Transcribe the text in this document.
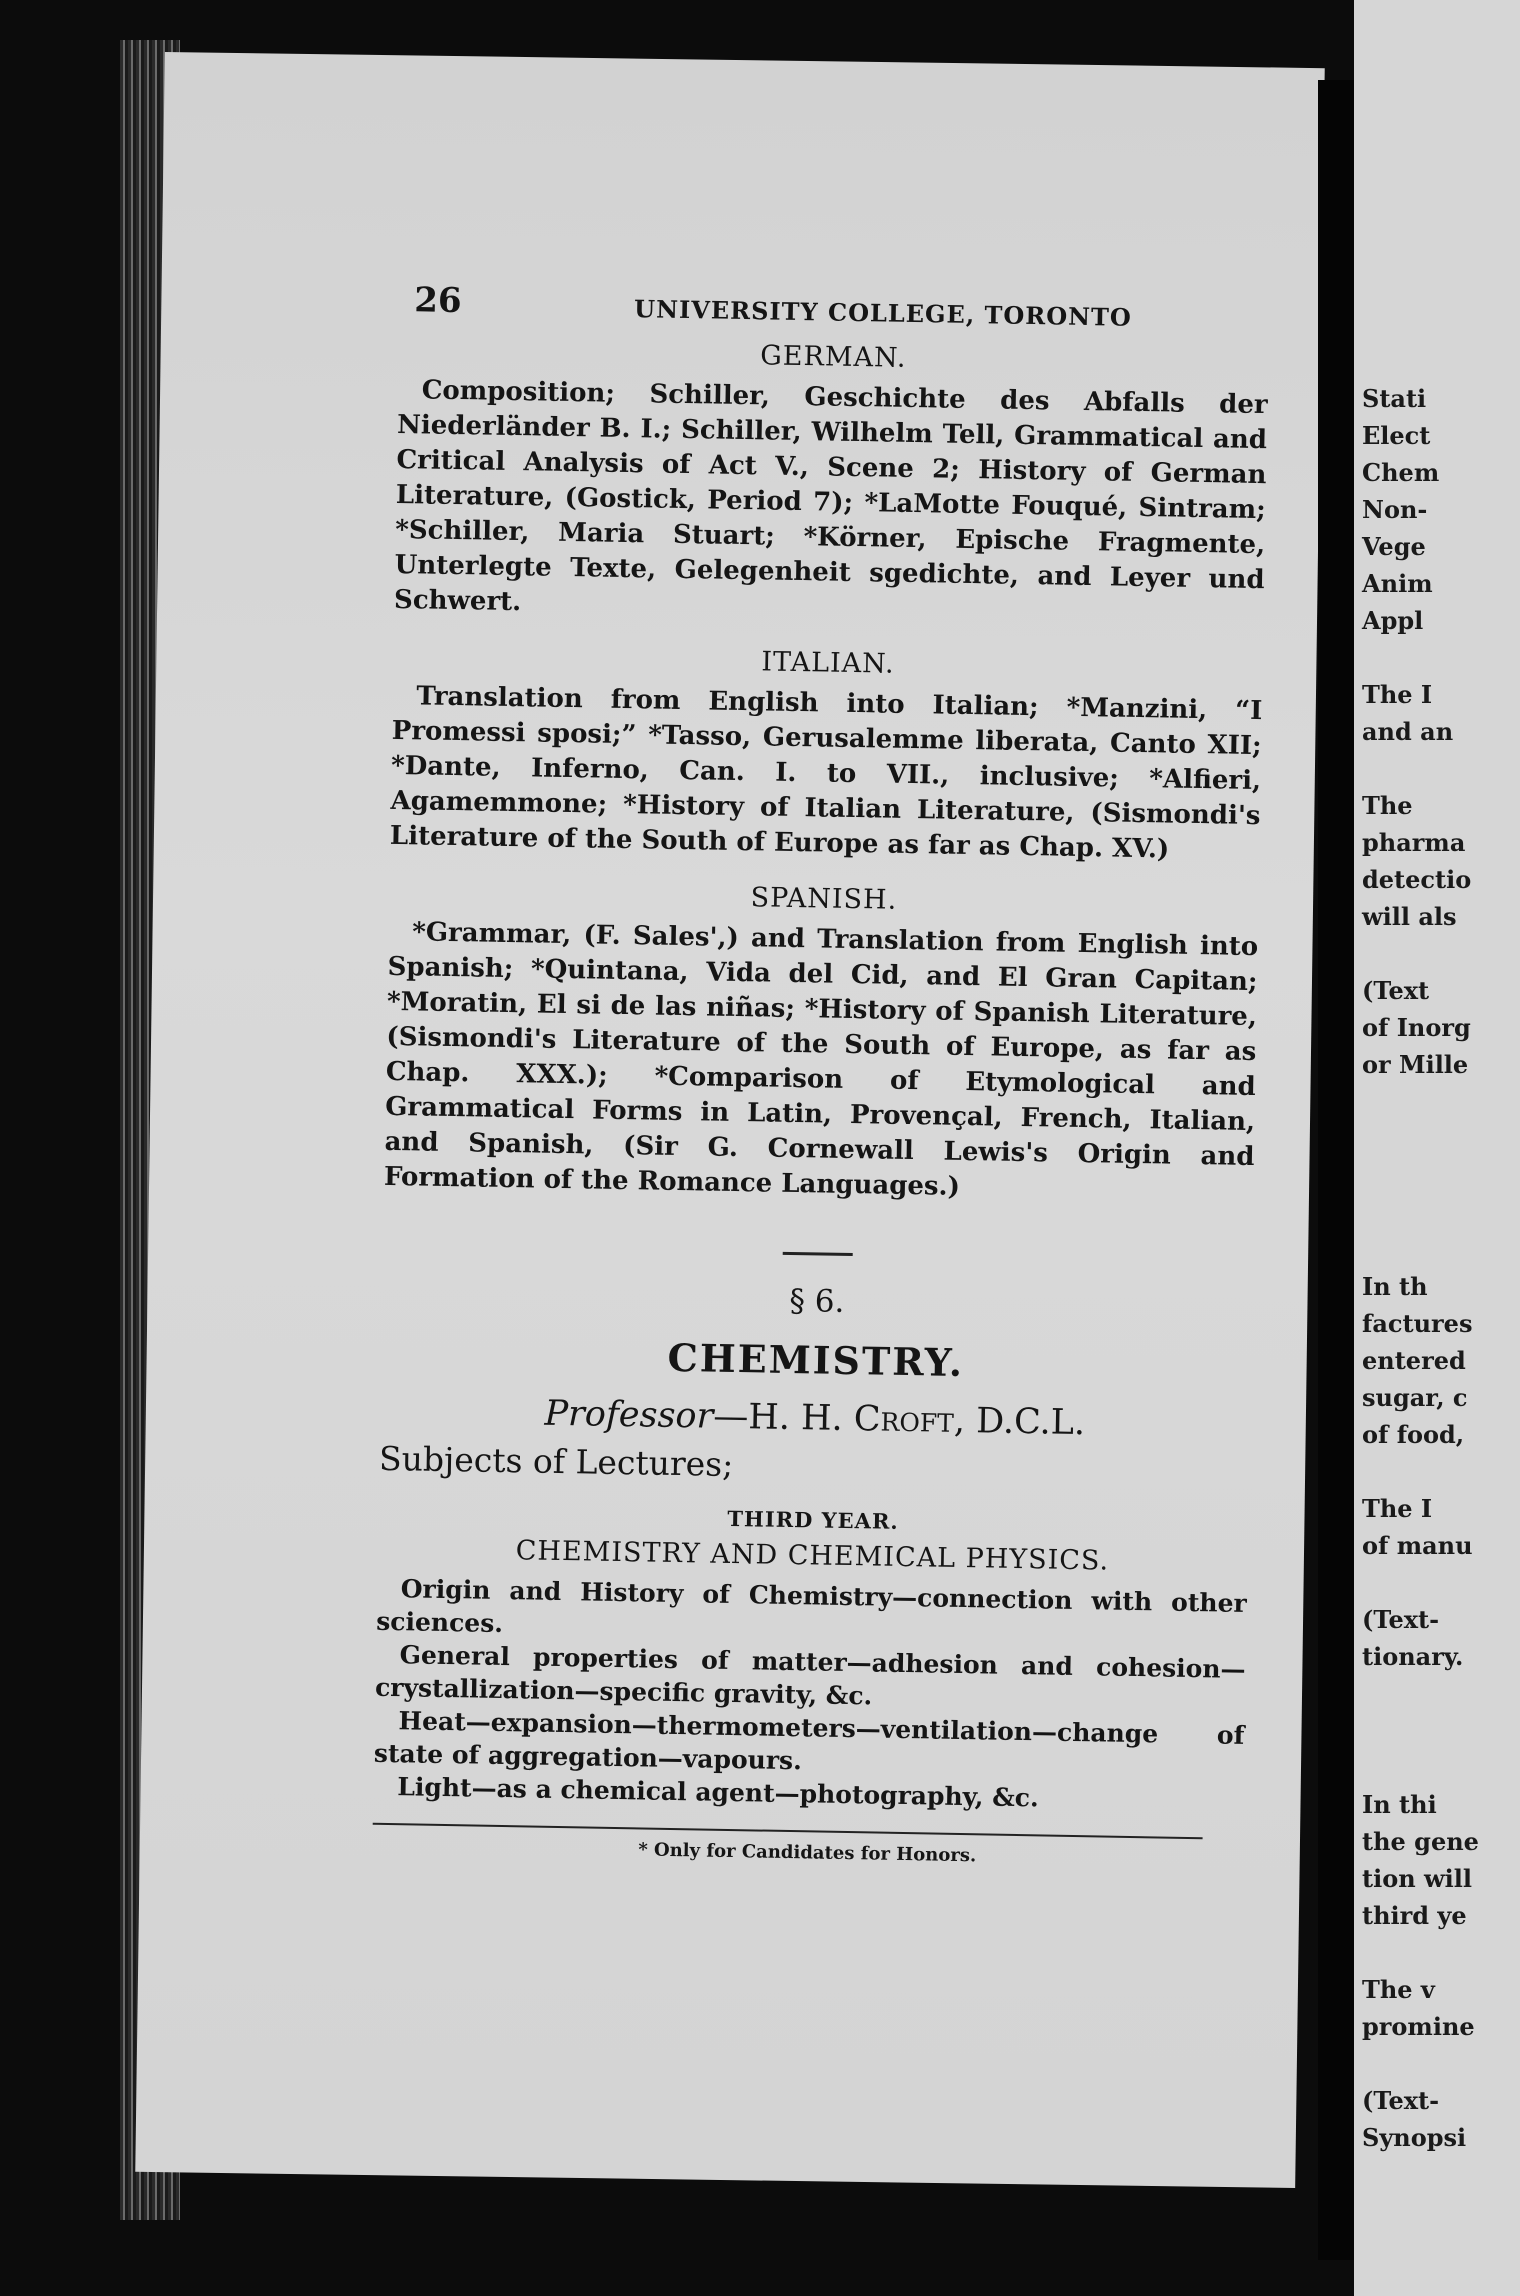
Stati
Elect
Chem
Non-
Vege
Anim
Appl
The I
and an
The
pharma
detectio
will als
(Text
of Inorg
or Mille
In th
factures
entered
sugar, c
of food,
The I
of manu
(Text-
tionary.
In thi
the gene
tion will
third ye
The v
promine
(Text-
Synopsi
26	UNIVERSITY COLLEGE, TORONTO
GERMAN.

Composition; Schiller, Geschichte des Abfalls der Niederländer B. I.; Schiller, Wilhelm Tell, Grammatical and Critical Analysis of Act V., Scene 2; History of German Literature, (Gostick, Period 7); *LaMotte Fouqué, Sintram; *Schiller, Maria Stuart; *Körner, Epische Fragmente, Unterlegte Texte, Gelegenheit sgedichte, and Leyer und Schwert.

ITALIAN.

Translation from English into Italian; *Manzini, “I Promessi sposi;” *Tasso, Gerusalemme liberata, Canto XII; *Dante, Inferno, Can. I. to VII., inclusive; *Alfieri, Agamemmone; *History of Italian Literature, (Sismondi's Literature of the South of Europe as far as Chap. XV.)

SPANISH.

*Grammar, (F. Sales',) and Translation from English into Spanish; *Quintana, Vida del Cid, and El Gran Capitan; *Moratin, El si de las niñas; *History of Spanish Literature, (Sismondi's Literature of the South of Europe, as far as Chap. XXX.); *Comparison of Etymological and Grammatical Forms in Latin, Provençal, French, Italian, and Spanish, (Sir G. Cornewall Lewis's Origin and Formation of the Romance Languages.)

§ 6.
CHEMISTRY.
Professor—H. H. Croft, D.C.L.
Subjects of Lectures;
THIRD YEAR.
CHEMISTRY AND CHEMICAL PHYSICS.

Origin and History of Chemistry—connection with other sciences.

General properties of matter—adhesion and cohesion—crystallization—specific gravity, &c.

Heat—expansion—thermometers—ventilation—change of state of aggregation—vapours.

Light—as a chemical agent—photography, &c.

* Only for Candidates for Honors.
